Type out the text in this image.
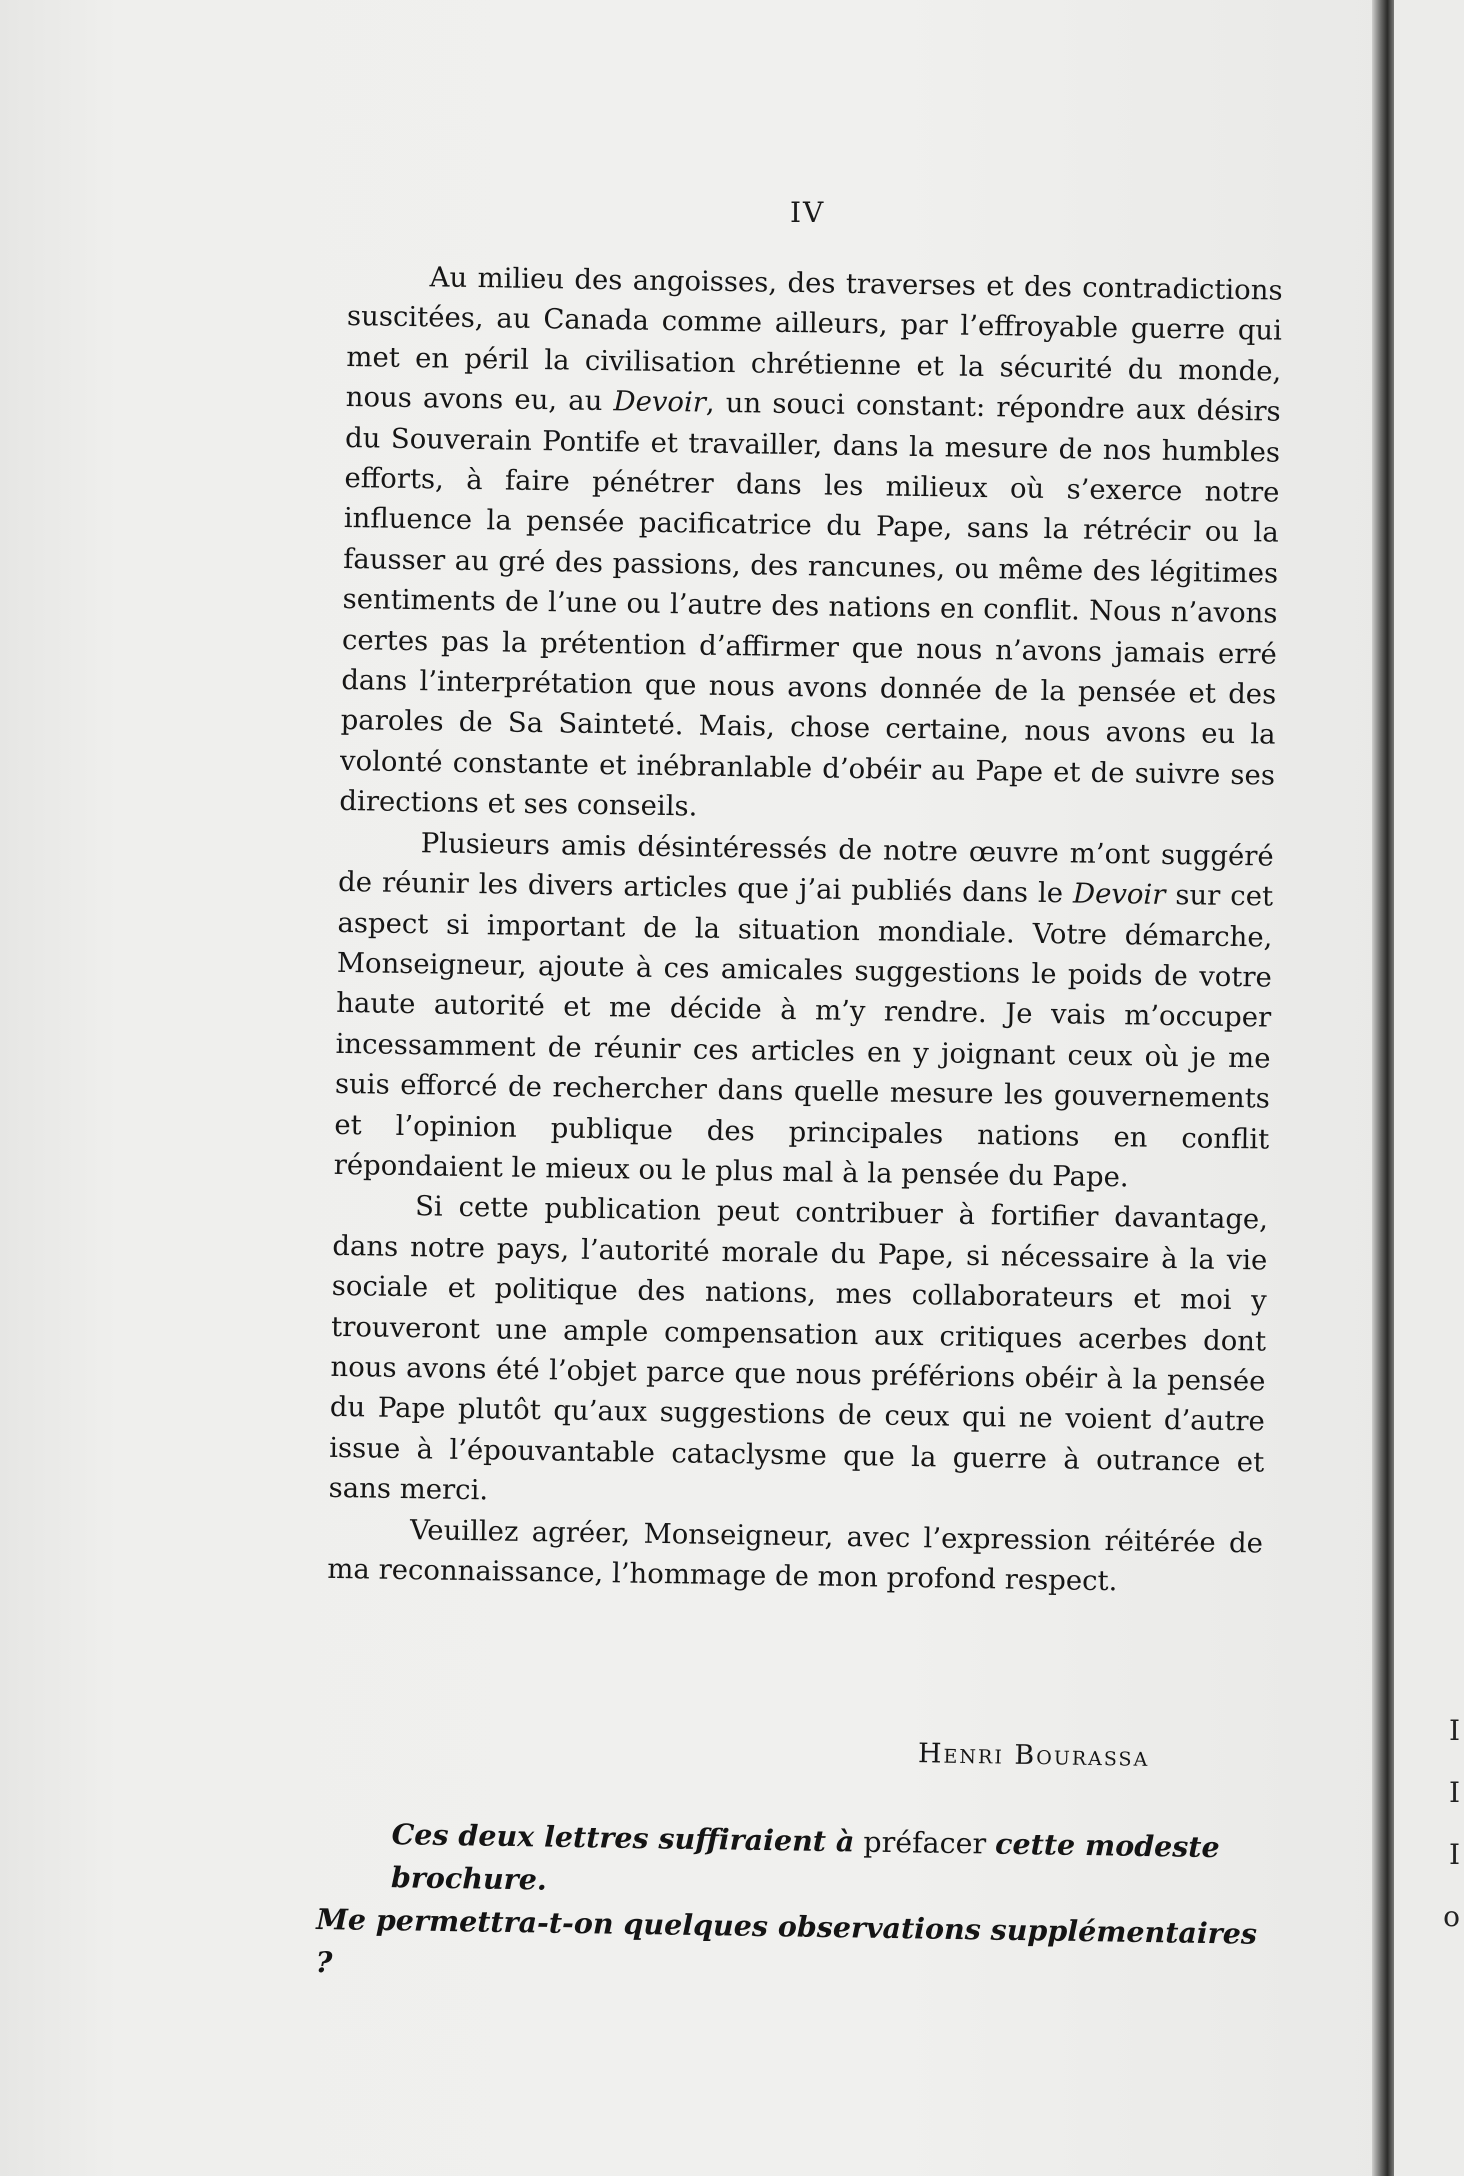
IV

Au milieu des angoisses, des traverses et des contradictions suscitées, au Canada comme ailleurs, par l’effroyable guerre qui met en péril la civilisation chrétienne et la sécurité du monde, nous avons eu, au Devoir, un souci constant: répondre aux désirs du Souverain Pontife et travailler, dans la mesure de nos humbles efforts, à faire pénétrer dans les milieux où s’exerce notre influence la pensée pacificatrice du Pape, sans la rétrécir ou la fausser au gré des passions, des rancunes, ou même des légitimes sentiments de l’une ou l’autre des nations en conflit. Nous n’avons certes pas la prétention d’affirmer que nous n’avons jamais erré dans l’interprétation que nous avons donnée de la pensée et des paroles de Sa Sainteté. Mais, chose certaine, nous avons eu la volonté constante et inébranlable d’obéir au Pape et de suivre ses directions et ses conseils.

Plusieurs amis désintéressés de notre œuvre m’ont suggéré de réunir les divers articles que j’ai publiés dans le Devoir sur cet aspect si important de la situation mondiale. Votre démarche, Monseigneur, ajoute à ces amicales suggestions le poids de votre haute autorité et me décide à m’y rendre. Je vais m’occuper incessamment de réunir ces articles en y joignant ceux où je me suis efforcé de rechercher dans quelle mesure les gouvernements et l’opinion publique des principales nations en conflit répondaient le mieux ou le plus mal à la pensée du Pape.

Si cette publication peut contribuer à fortifier davantage, dans notre pays, l’autorité morale du Pape, si nécessaire à la vie sociale et politique des nations, mes collaborateurs et moi y trouveront une ample compensation aux critiques acerbes dont nous avons été l’objet parce que nous préférions obéir à la pensée du Pape plutôt qu’aux suggestions de ceux qui ne voient d’autre issue à l’épouvantable cataclysme que la guerre à outrance et sans merci.

Veuillez agréer, Monseigneur, avec l’expression réitérée de ma reconnaissance, l’hommage de mon profond respect.

Henri Bourassa
Ces deux lettres suffiraient à préfacer cette modeste brochure.
Me permettra-t-on quelques observations supplémentaires ?
I
I
I
o
